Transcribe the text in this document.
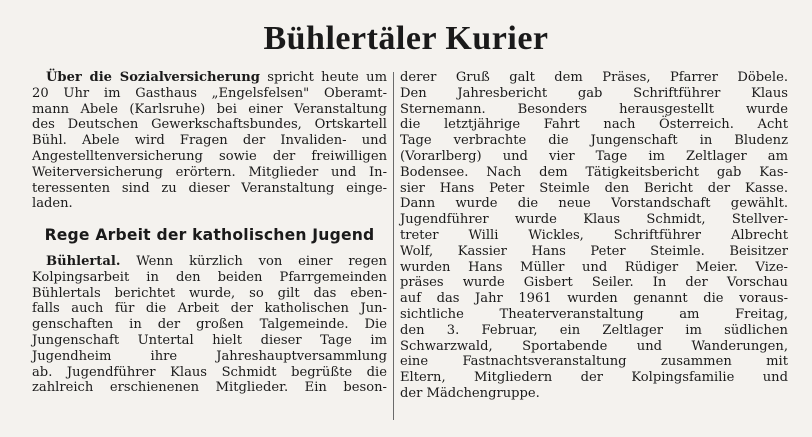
Bühlertäler Kurier
Über die Sozialversicherung spricht heute um
20 Uhr im Gasthaus „Engelsfelsen" Oberamt-
mann Abele (Karlsruhe) bei einer Veranstaltung
des Deutschen Gewerkschaftsbundes, Ortskartell
Bühl. Abele wird Fragen der Invaliden- und
Angestelltenversicherung sowie der freiwilligen
Weiterversicherung erörtern. Mitglieder und In-
teressenten sind zu dieser Veranstaltung einge-
laden.
Rege Arbeit der katholischen Jugend
Bühlertal. Wenn kürzlich von einer regen
Kolpingsarbeit in den beiden Pfarrgemeinden
Bühlertals berichtet wurde, so gilt das eben-
falls auch für die Arbeit der katholischen Jun-
genschaften in der großen Talgemeinde. Die
Jungenschaft Untertal hielt dieser Tage im
Jugendheim ihre Jahreshauptversammlung
ab. Jugendführer Klaus Schmidt begrüßte die
zahlreich erschienenen Mitglieder. Ein beson-
derer Gruß galt dem Präses, Pfarrer Döbele.
Den Jahresbericht gab Schriftführer Klaus
Sternemann. Besonders herausgestellt wurde
die letztjährige Fahrt nach Österreich. Acht
Tage verbrachte die Jungenschaft in Bludenz
(Vorarlberg) und vier Tage im Zeltlager am
Bodensee. Nach dem Tätigkeitsbericht gab Kas-
sier Hans Peter Steimle den Bericht der Kasse.
Dann wurde die neue Vorstandschaft gewählt.
Jugendführer wurde Klaus Schmidt, Stellver-
treter Willi Wickles, Schriftführer Albrecht
Wolf, Kassier Hans Peter Steimle. Beisitzer
wurden Hans Müller und Rüdiger Meier. Vize-
präses wurde Gisbert Seiler. In der Vorschau
auf das Jahr 1961 wurden genannt die voraus-
sichtliche Theaterveranstaltung am Freitag,
den 3. Februar, ein Zeltlager im südlichen
Schwarzwald, Sportabende und Wanderungen,
eine Fastnachtsveranstaltung zusammen mit
Eltern, Mitgliedern der Kolpingsfamilie und
der Mädchengruppe.
